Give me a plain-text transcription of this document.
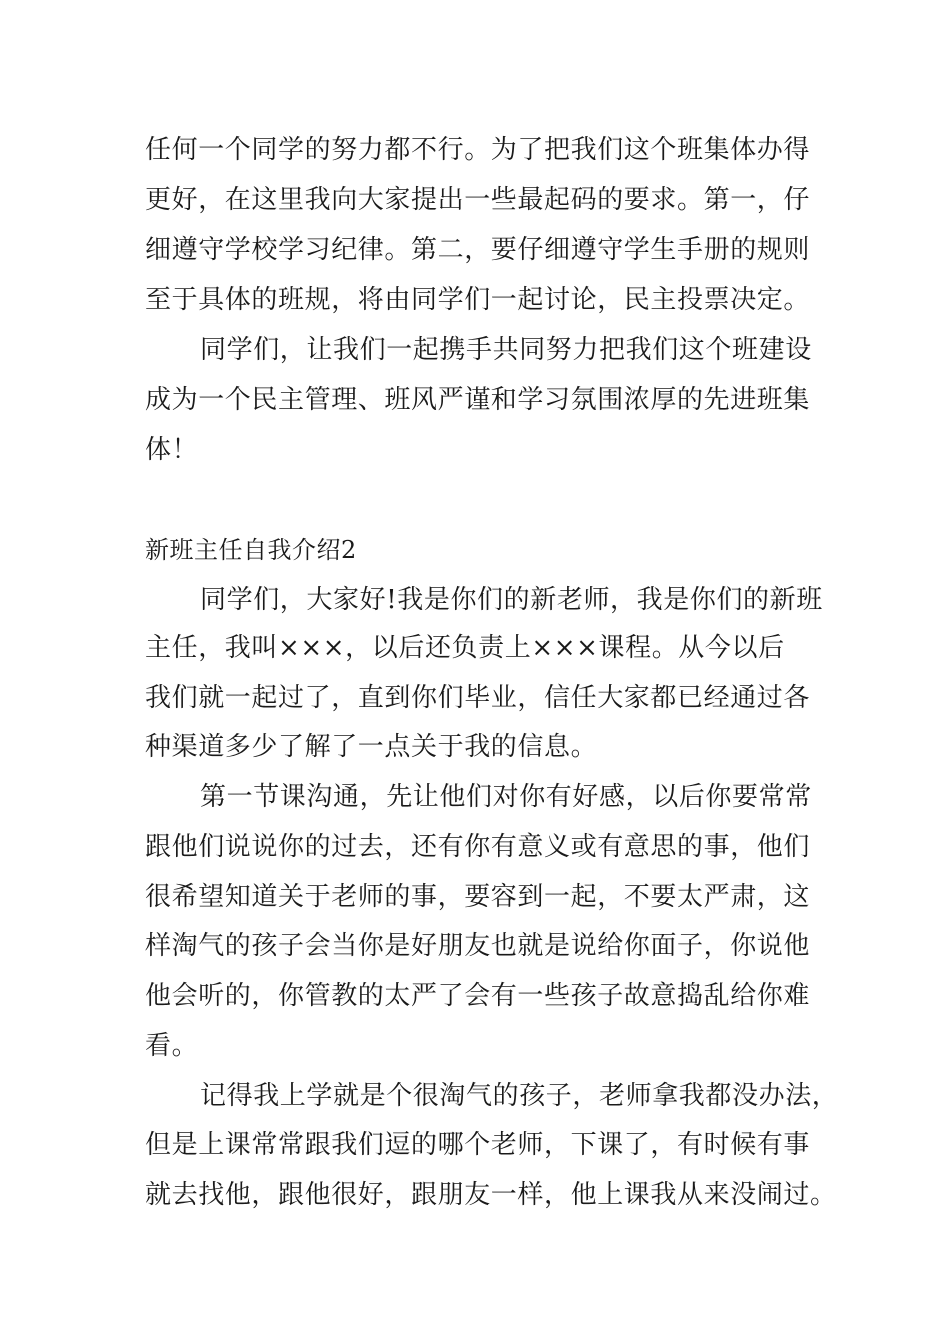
任何一个同学的努力都不行。为了把我们这个班集体办得
更好，在这里我向大家提出一些最起码的要求。第一，仔
细遵守学校学习纪律。第二，要仔细遵守学生手册的规则
至于具体的班规，将由同学们一起讨论，民主投票决定。
同学们，让我们一起携手共同努力把我们这个班建设
成为一个民主管理、班风严谨和学习氛围浓厚的先进班集
体！
新班主任自我介绍2
同学们，大家好!我是你们的新老师，我是你们的新班
主任，我叫×××，以后还负责上×××课程。从今以后
我们就一起过了，直到你们毕业，信任大家都已经通过各
种渠道多少了解了一点关于我的信息。
第一节课沟通，先让他们对你有好感，以后你要常常
跟他们说说你的过去，还有你有意义或有意思的事，他们
很希望知道关于老师的事，要容到一起，不要太严肃，这
样淘气的孩子会当你是好朋友也就是说给你面子，你说他
他会听的，你管教的太严了会有一些孩子故意捣乱给你难
看。
记得我上学就是个很淘气的孩子，老师拿我都没办法，
但是上课常常跟我们逗的哪个老师，下课了，有时候有事
就去找他，跟他很好，跟朋友一样，他上课我从来没闹过。
